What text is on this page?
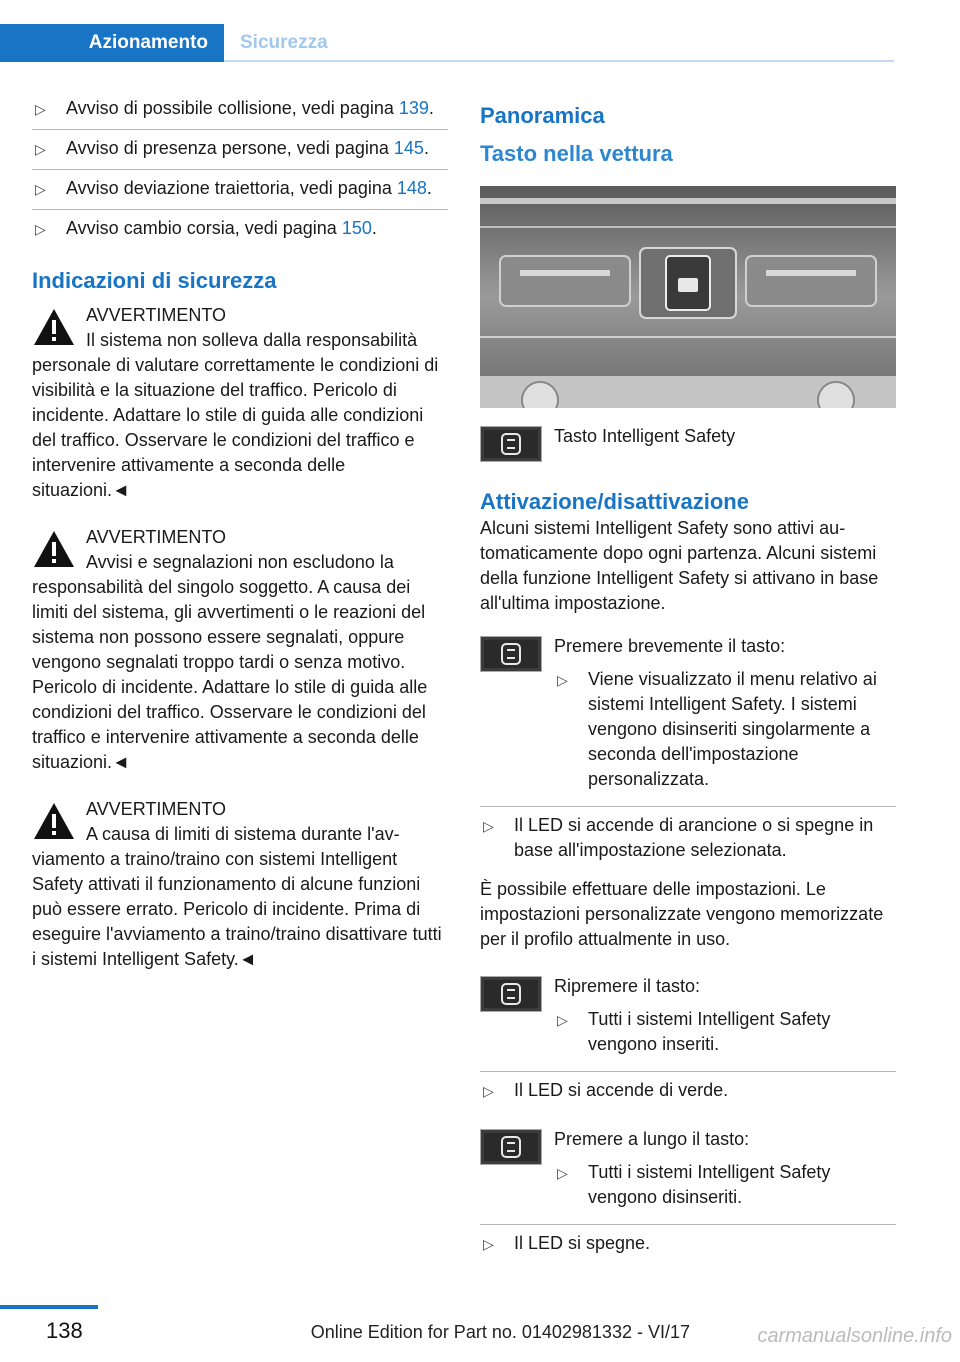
Azionamento	Sicurezza
▷ Avviso di possibile collisione, vedi pagina 139.
▷ Avviso di presenza persone, vedi pagina 145.
▷ Avviso deviazione traiettoria, vedi pagina 148.
▷ Avviso cambio corsia, vedi pagina 150.
Indicazioni di sicurezza
AVVERTIMENTO
Il sistema non solleva dalla responsabilità personale di valutare correttamente le condizioni di visibilità e la situazione del traffico. Pericolo di incidente. Adattare lo stile di guida alle condizioni del traffico. Osservare le condizioni del traffico e intervenire attivamente a seconda delle situazioni.◄
AVVERTIMENTO
Avvisi e segnalazioni non escludono la responsabilità del singolo soggetto. A causa dei limiti del sistema, gli avvertimenti o le reazioni del sistema non possono essere segnalati, oppure vengono segnalati troppo tardi o senza motivo. Pericolo di incidente. Adattare lo stile di guida alle condizioni del traffico. Osservare le condizioni del traffico e intervenire attivamente a seconda delle situazioni.◄
AVVERTIMENTO
A causa di limiti di sistema durante l'avviamento a traino/traino con sistemi Intelligent Safety attivati il funzionamento di alcune funzioni può essere errato. Pericolo di incidente. Prima di eseguire l'avviamento a traino/traino disattivare tutti i sistemi Intelligent Safety.◄
Panoramica
Tasto nella vettura
Tasto Intelligent Safety
Attivazione/disattivazione
Alcuni sistemi Intelligent Safety sono attivi automaticamente dopo ogni partenza. Alcuni sistemi della funzione Intelligent Safety si attivano in base all'ultima impostazione.
Premere brevemente il tasto:
▷ Viene visualizzato il menu relativo ai sistemi Intelligent Safety. I sistemi vengono disinseriti singolarmente a seconda dell'impostazione personalizzata.
▷ Il LED si accende di arancione o si spegne in base all'impostazione selezionata.
È possibile effettuare delle impostazioni. Le impostazioni personalizzate vengono memorizzate per il profilo attualmente in uso.
Ripremere il tasto:
▷ Tutti i sistemi Intelligent Safety vengono inseriti.
▷ Il LED si accende di verde.
Premere a lungo il tasto:
▷ Tutti i sistemi Intelligent Safety vengono disinseriti.
▷ Il LED si spegne.
138	Online Edition for Part no. 01402981332 - VI/17	carmanualsonline.info
